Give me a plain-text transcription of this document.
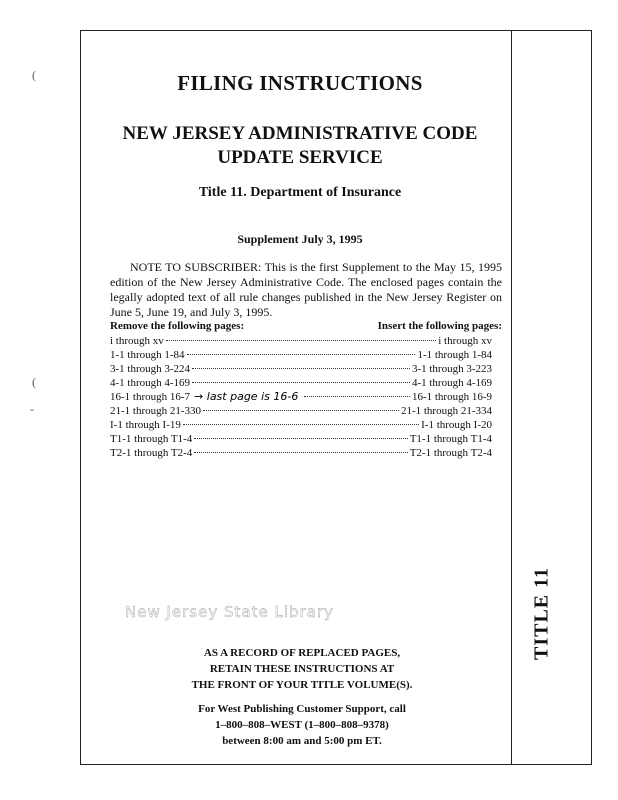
(
(
-
FILING INSTRUCTIONS
NEW JERSEY ADMINISTRATIVE CODE
UPDATE SERVICE
Title 11. Department of Insurance
Supplement July 3, 1995
NOTE TO SUBSCRIBER: This is the first Supplement to the May 15, 1995 edition of the New Jersey Administrative Code. The enclosed pages contain the legally adopted text of all rule changes published in the New Jersey Register on June 5, June 19, and July 3, 1995.
Remove the following pages:	Insert the following pages:
i through xv	i through xv
1-1 through 1-84	1-1 through 1-84
3-1 through 3-224	3-1 through 3-223
4-1 through 4-169	4-1 through 4-169
16-1 through 16-7 → last page is 16-6	16-1 through 16-9
21-1 through 21-330	21-1 through 21-334
I-1 through I-19	I-1 through I-20
T1-1 through T1-4	T1-1 through T1-4
T2-1 through T2-4	T2-1 through T2-4
New Jersey State Library
AS A RECORD OF REPLACED PAGES,
RETAIN THESE INSTRUCTIONS AT
THE FRONT OF YOUR TITLE VOLUME(S).
For West Publishing Customer Support, call
1–800–808–WEST (1–800–808–9378)
between 8:00 am and 5:00 pm ET.
TITLE 11
